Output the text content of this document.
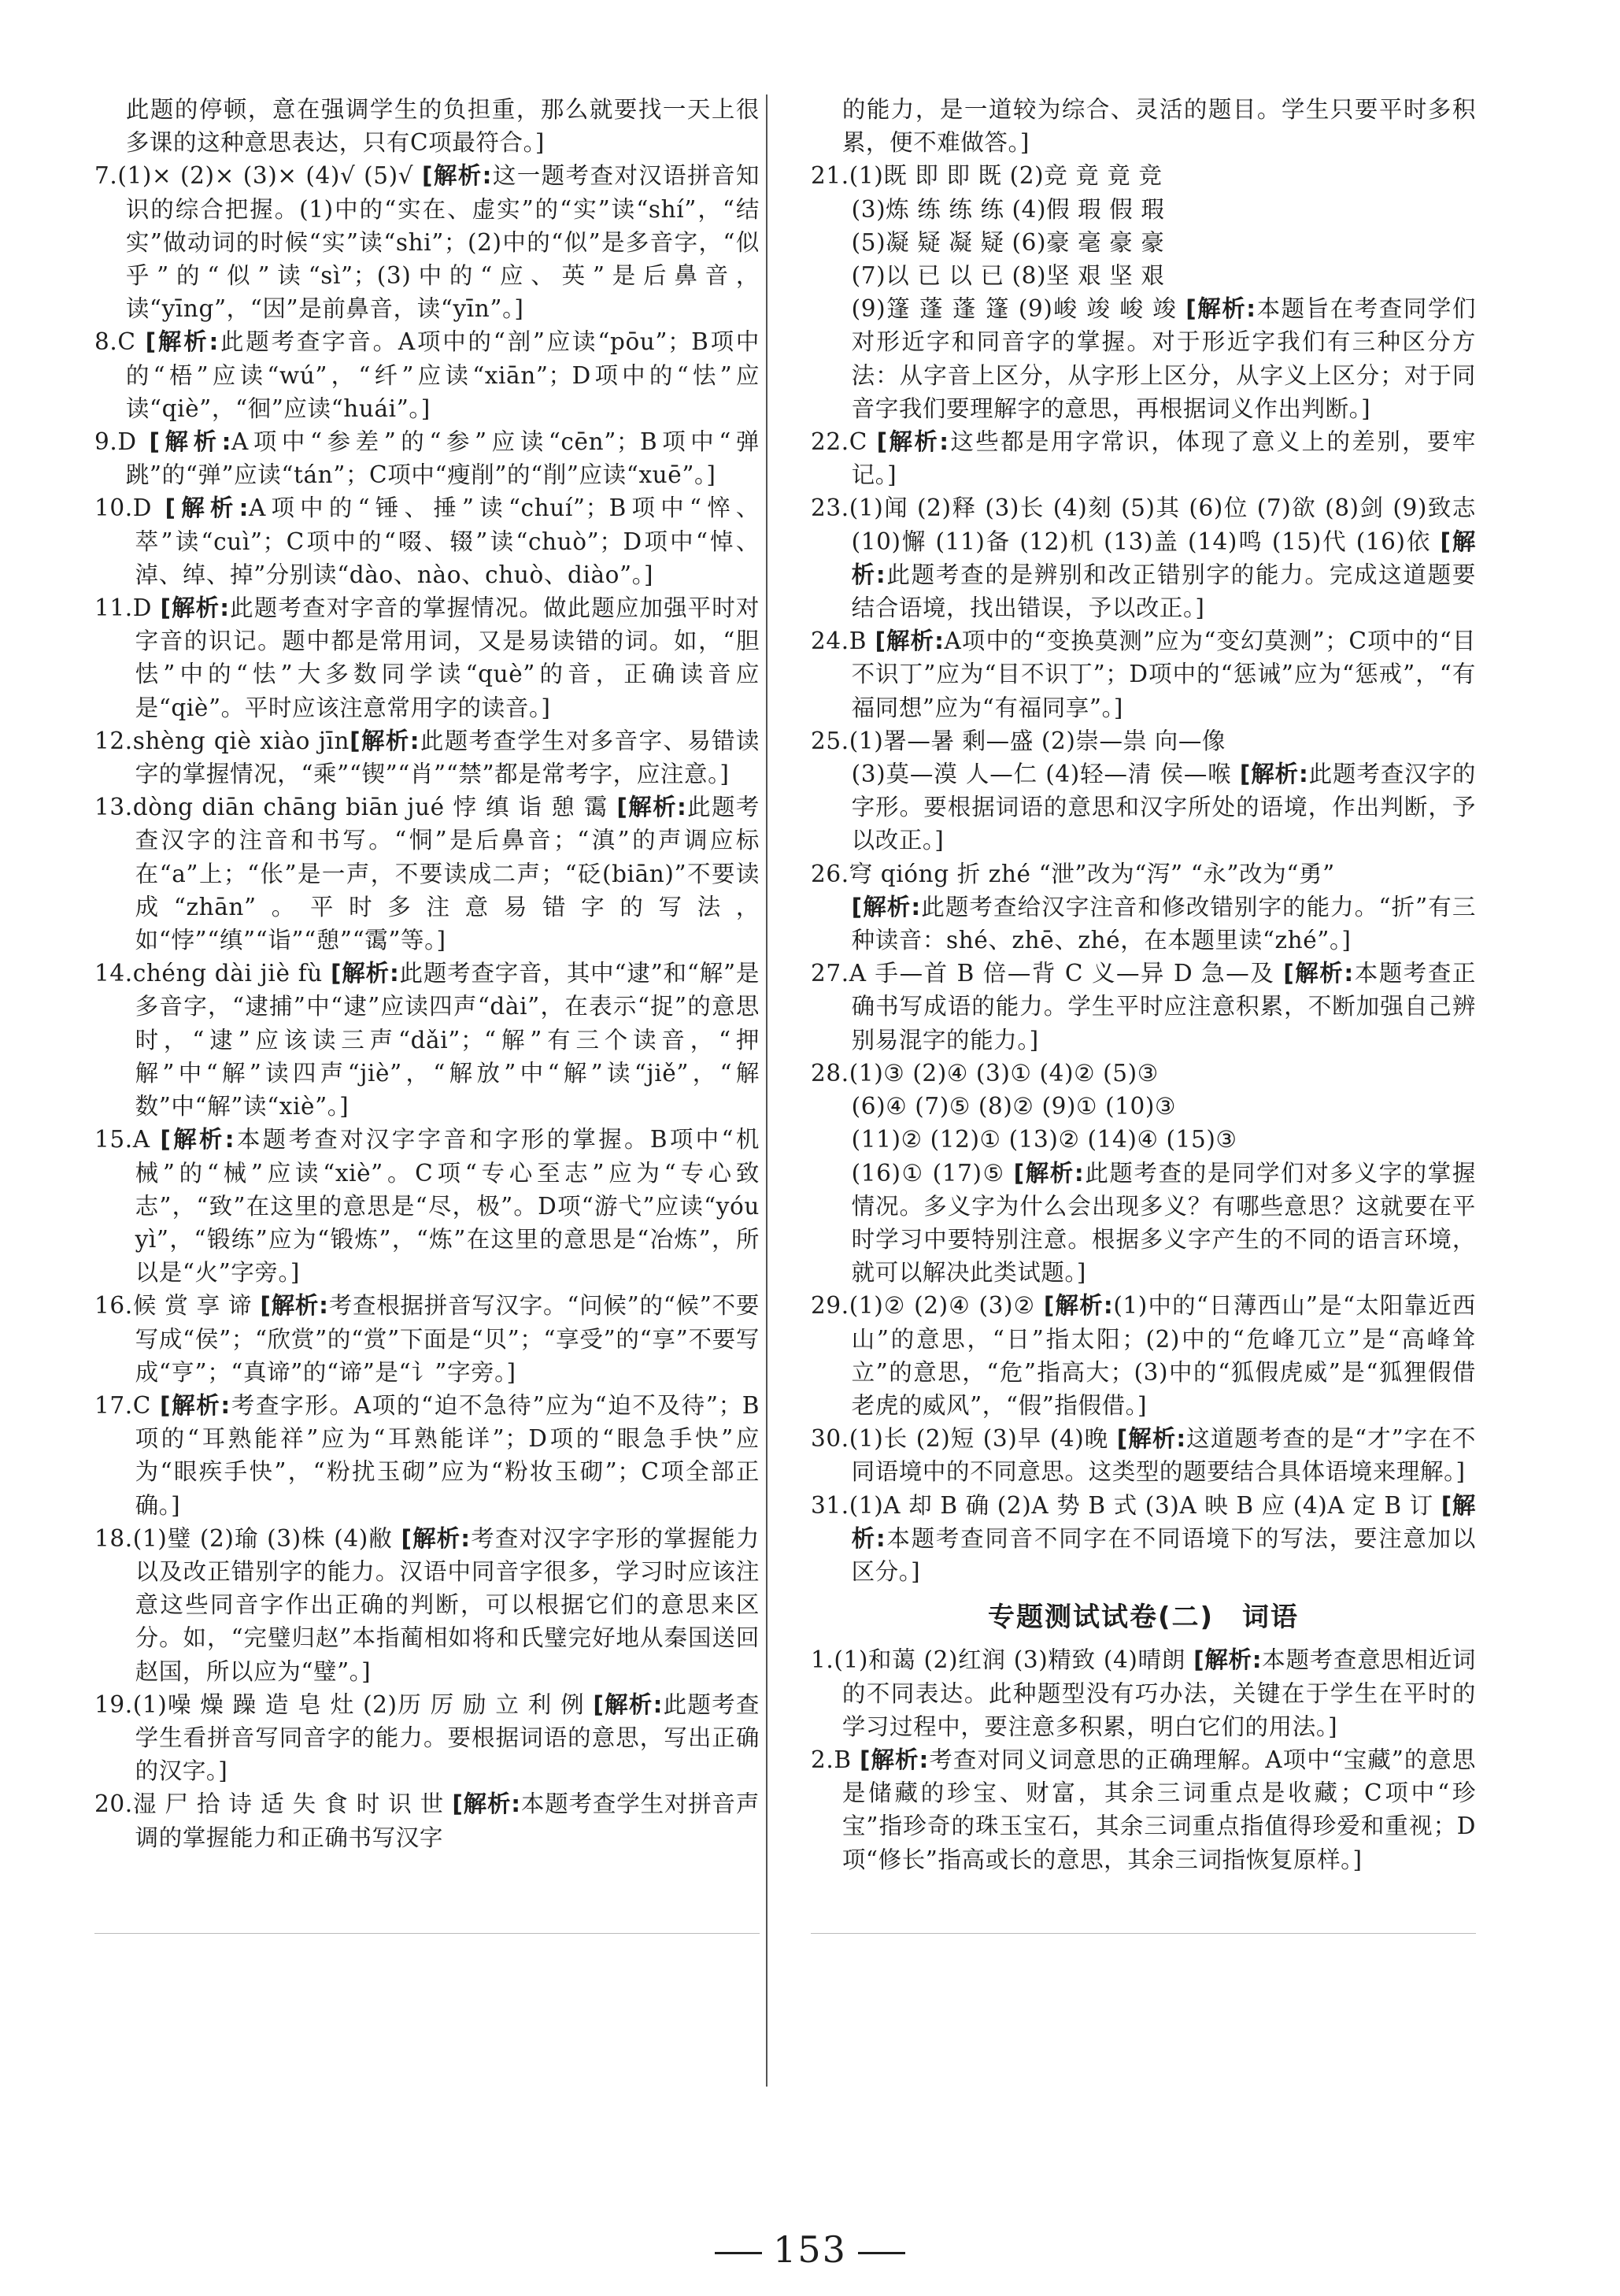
此题的停顿，意在强调学生的负担重，那么就要找一天上很多课的这种意思表达，只有C项最符合。]

7.(1)× (2)× (3)× (4)√ (5)√ [解析:这一题考查对汉语拼音知识的综合把握。(1)中的“实在、虚实”的“实”读“shí”，“结实”做动词的时候“实”读“shi”；(2)中的“似”是多音字，“似乎”的“似”读“sì”；(3)中的“应、英”是后鼻音，读“yīng”，“因”是前鼻音，读“yīn”。]

8.C [解析:此题考查字音。A项中的“剖”应读“pōu”；B项中的“梧”应读“wú”，“纤”应读“xiān”；D项中的“怯”应读“qiè”，“徊”应读“huái”。]

9.D [解析:A项中“参差”的“参”应读“cēn”；B项中“弹跳”的“弹”应读“tán”；C项中“瘦削”的“削”应读“xuē”。]

10.D [解析:A项中的“锤、捶”读“chuí”；B项中“悴、萃”读“cuì”；C项中的“啜、辍”读“chuò”；D项中“悼、淖、绰、掉”分别读“dào、nào、chuò、diào”。]

11.D [解析:此题考查对字音的掌握情况。做此题应加强平时对字音的识记。题中都是常用词，又是易读错的词。如，“胆怯”中的“怯”大多数同学读“què”的音，正确读音应是“qiè”。平时应该注意常用字的读音。]

12.shèng qiè xiào jīn[解析:此题考查学生对多音字、易错读字的掌握情况，“乘”“锲”“肖”“禁”都是常考字，应注意。]

13.dòng diān chāng biān jué 悖 缜 诣 憩 霭 [解析:此题考查汉字的注音和书写。“恫”是后鼻音；“滇”的声调应标在“a”上；“伥”是一声，不要读成二声；“砭(biān)”不要读成“zhān”。平时多注意易错字的写法，如“悖”“缜”“诣”“憩”“霭”等。]

14.chéng dài jiè fù [解析:此题考查字音，其中“逮”和“解”是多音字，“逮捕”中“逮”应读四声“dài”，在表示“捉”的意思时，“逮”应该读三声“dǎi”；“解”有三个读音，“押解”中“解”读四声“jiè”，“解放”中“解”读“jiě”，“解数”中“解”读“xiè”。]

15.A [解析:本题考查对汉字字音和字形的掌握。B项中“机械”的“械”应读“xiè”。C项“专心至志”应为“专心致志”，“致”在这里的意思是“尽，极”。D项“游弋”应读“yóu yì”，“锻练”应为“锻炼”，“炼”在这里的意思是“冶炼”，所以是“火”字旁。]

16.候 赏 享 谛 [解析:考查根据拼音写汉字。“问候”的“候”不要写成“侯”；“欣赏”的“赏”下面是“贝”；“享受”的“享”不要写成“亨”；“真谛”的“谛”是“讠”字旁。]

17.C [解析:考查字形。A项的“迫不急待”应为“迫不及待”；B项的“耳熟能祥”应为“耳熟能详”；D项的“眼急手快”应为“眼疾手快”，“粉扰玉砌”应为“粉妆玉砌”；C项全部正确。]

18.(1)璧 (2)瑜 (3)株 (4)敝 [解析:考查对汉字字形的掌握能力以及改正错别字的能力。汉语中同音字很多，学习时应该注意这些同音字作出正确的判断，可以根据它们的意思来区分。如，“完璧归赵”本指蔺相如将和氏璧完好地从秦国送回赵国，所以应为“璧”。]

19.(1)噪 燥 躁 造 皂 灶 (2)历 厉 励 立 利 例 [解析:此题考查学生看拼音写同音字的能力。要根据词语的意思，写出正确的汉字。]

20.湿 尸 拾 诗 适 失 食 时 识 世 [解析:本题考查学生对拼音声调的掌握能力和正确书写汉字

的能力，是一道较为综合、灵活的题目。学生只要平时多积累，便不难做答。]

21.(1)既 即 即 既 (2)竞 竟 竟 竞

(3)炼 练 练 练 (4)假 瑕 假 瑕

(5)凝 疑 凝 疑 (6)豪 毫 豪 豪

(7)以 已 以 已 (8)坚 艰 坚 艰

(9)篷 蓬 蓬 篷 (9)峻 竣 峻 竣 [解析:本题旨在考查同学们对形近字和同音字的掌握。对于形近字我们有三种区分方法：从字音上区分，从字形上区分，从字义上区分；对于同音字我们要理解字的意思，再根据词义作出判断。]

22.C [解析:这些都是用字常识，体现了意义上的差别，要牢记。]

23.(1)闻 (2)释 (3)长 (4)刻 (5)其 (6)位 (7)欲 (8)剑 (9)致志 (10)懈 (11)备 (12)机 (13)盖 (14)鸣 (15)代 (16)依 [解析:此题考查的是辨别和改正错别字的能力。完成这道题要结合语境，找出错误，予以改正。]

24.B [解析:A项中的“变换莫测”应为“变幻莫测”；C项中的“目不识丁”应为“目不识丁”；D项中的“惩诫”应为“惩戒”，“有福同想”应为“有福同享”。]

25.(1)署—暑 剩—盛 (2)崇—祟 向—像

(3)莫—漠 人—仁 (4)轻—清 侯—喉 [解析:此题考查汉字的字形。要根据词语的意思和汉字所处的语境，作出判断，予以改正。]

26.穹 qióng 折 zhé “泄”改为“泻” “永”改为“勇”

[解析:此题考查给汉字注音和修改错别字的能力。“折”有三种读音：shé、zhē、zhé，在本题里读“zhé”。]

27.A 手—首 B 倍—背 C 义—异 D 急—及 [解析:本题考查正确书写成语的能力。学生平时应注意积累，不断加强自己辨别易混字的能力。]

28.(1)③ (2)④ (3)① (4)② (5)③

(6)④ (7)⑤ (8)② (9)① (10)③

(11)② (12)① (13)② (14)④ (15)③

(16)① (17)⑤ [解析:此题考查的是同学们对多义字的掌握情况。多义字为什么会出现多义？有哪些意思？这就要在平时学习中要特别注意。根据多义字产生的不同的语言环境，就可以解决此类试题。]

29.(1)② (2)④ (3)② [解析:(1)中的“日薄西山”是“太阳靠近西山”的意思，“日”指太阳；(2)中的“危峰兀立”是“高峰耸立”的意思，“危”指高大；(3)中的“狐假虎威”是“狐狸假借老虎的威风”，“假”指假借。]

30.(1)长 (2)短 (3)早 (4)晚 [解析:这道题考查的是“才”字在不同语境中的不同意思。这类型的题要结合具体语境来理解。]

31.(1)A 却 B 确 (2)A 势 B 式 (3)A 映 B 应 (4)A 定 B 订 [解析:本题考查同音不同字在不同语境下的写法，要注意加以区分。]

专题测试试卷(二)　词语

1.(1)和蔼 (2)红润 (3)精致 (4)晴朗 [解析:本题考查意思相近词的不同表达。此种题型没有巧办法，关键在于学生在平时的学习过程中，要注意多积累，明白它们的用法。]

2.B [解析:考查对同义词意思的正确理解。A项中“宝藏”的意思是储藏的珍宝、财富，其余三词重点是收藏；C项中“珍宝”指珍奇的珠玉宝石，其余三词重点指值得珍爱和重视；D项“修长”指高或长的意思，其余三词指恢复原样。]

153
